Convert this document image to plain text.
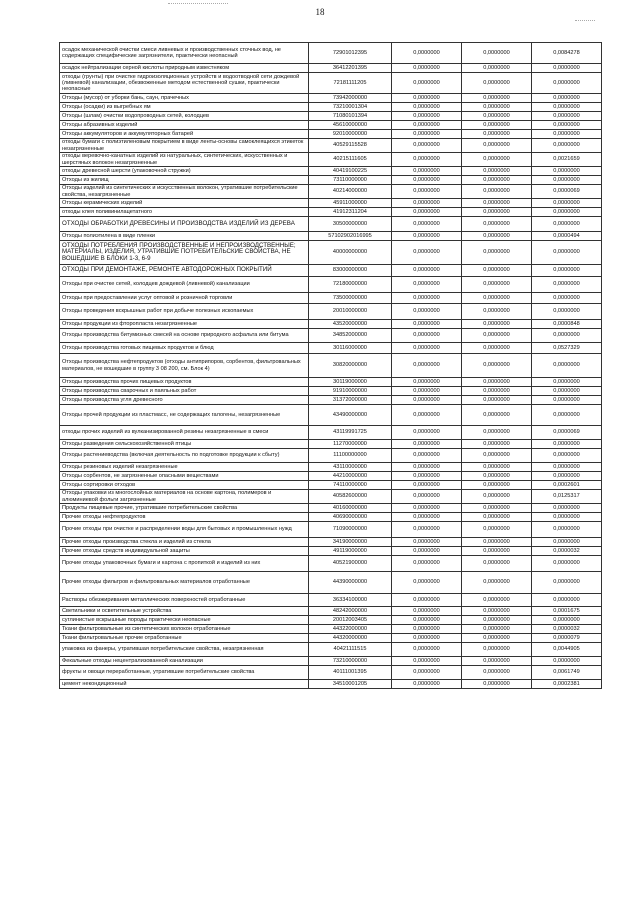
18
осадок механической очистки смеси ливневых и производственных сточных вод, не содержащих специфические загрязнители, практически неопасный	72901012395	0,0000000	0,0000000	0,0084278
осадок нейтрализации серной кислоты природным известняком	36412201395	0,0000000	0,0000000	0,0000000
отходы (грунты) при очистке гидроизоляционных устройств и водоотводной сети дождевой (ливневой) канализации, обезвоженные методом естественной сушки, практически неопасные	72181111205	0,0000000	0,0000000	0,0000000
Отходы (мусор) от уборки бань, саун, прачечных	73942000000	0,0000000	0,0000000	0,0000000
Отходы (осадки) из выгребных ям	73210001304	0,0000000	0,0000000	0,0000000
Отходы (шлам) очистки водопроводных сетей, колодцев	71080101394	0,0000000	0,0000000	0,0000000
Отходы абразивных изделий	45610000000	0,0000000	0,0000000	0,0000000
Отходы аккумуляторов и аккумуляторных батарей	92010000000	0,0000000	0,0000000	0,0000000
отходы бумаги с полиэтиленовым покрытием в виде ленты-основы самоклеящихся этикеток незагрязненные	40529115528	0,0000000	0,0000000	0,0000000
отходы веревочно-канатных изделий из натуральных, синтетических, искусственных и шерстяных волокон незагрязненные	40215111605	0,0000000	0,0000000	0,0021659
отходы древесной шерсти (упаковочной стружки)	40419100225	0,0000000	0,0000000	0,0000000
Отходы из жилищ	73110000000	0,0000000	0,0000000	0,0000000
Отходы изделий из синтетических и искусственных волокон, утратившие потребительские свойства, незагрязненные	40214000000	0,0000000	0,0000000	0,0000069
Отходы керамических изделий	45911000000	0,0000000	0,0000000	0,0000000
отходы клея поливинилацетатного	41912311204	0,0000000	0,0000000	0,0000000
ОТХОДЫ ОБРАБОТКИ ДРЕВЕСИНЫ И ПРОИЗВОДСТВА ИЗДЕЛИЙ ИЗ ДЕРЕВА	30500000000	0,0000000	0,0000000	0,0000000
Отходы полиэтилена в виде пленки	57102902016995	0,0000000	0,0000000	0,0000494
ОТХОДЫ ПОТРЕБЛЕНИЯ ПРОИЗВОДСТВЕННЫЕ И НЕПРОИЗВОДСТВЕННЫЕ; МАТЕРИАЛЫ, ИЗДЕЛИЯ, УТРАТИВШИЕ ПОТРЕБИТЕЛЬСКИЕ СВОЙСТВА, НЕ ВОШЕДШИЕ В БЛОКИ 1-3, 6-9	40000000000	0,0000000	0,0000000	0,0000000
ОТХОДЫ ПРИ ДЕМОНТАЖЕ, РЕМОНТЕ АВТОДОРОЖНЫХ ПОКРЫТИЙ	83000000000	0,0000000	0,0000000	0,0000000
Отходы при очистке сетей, колодцев дождевой (ливневой) канализации	72180000000	0,0000000	0,0000000	0,0000000
Отходы при предоставлении услуг оптовой и розничной торговли	73500000000	0,0000000	0,0000000	0,0000000
Отходы проведения вскрышных работ при добыче полезных ископаемых	20010000000	0,0000000	0,0000000	0,0000000
Отходы продукции из фторопласта незагрязненные	43520000000	0,0000000	0,0000000	0,0000848
Отходы производства битумизных смесей на основе природного асфальта или битума	34852000000	0,0000000	0,0000000	0,0000000
Отходы производства готовых пищевых продуктов и блюд	30116000000	0,0000000	0,0000000	0,0527329
Отходы производства нефтепродуктов (отходы антиприпоров, сорбентов, фильтровальных материалов, не вошедшие в группу 3 08 200, см. Блок 4)	30820000000	0,0000000	0,0000000	0,0000000
Отходы производства прочих пищевых продуктов	30119000000	0,0000000	0,0000000	0,0000000
Отходы производства сварочных и паяльных работ	91910000000	0,0000000	0,0000000	0,0000000
Отходы производства угля древесного	31372000000	0,0000000	0,0000000	0,0000000
Отходы прочей продукции из пластмасс, не содержащих галогены, незагрязненные	43490000000	0,0000000	0,0000000	0,0000000
отходы прочих изделий из вулканизированной резины незагрязненные в смеси	43119991725	0,0000000	0,0000000	0,0000069
Отходы разведения сельскохозяйственной птицы	11270000000	0,0000000	0,0000000	0,0000000
Отходы растениеводства (включая деятельность по подготовке продукции к сбыту)	11100000000	0,0000000	0,0000000	0,0000000
Отходы резиновых изделий незагрязненные	43110000000	0,0000000	0,0000000	0,0000000
Отходы сорбентов, не загрязненные опасными веществами	44210000000	0,0000000	0,0000000	0,0000000
Отходы сортировки отходов	74110000000	0,0000000	0,0000000	0,0002601
Отходы упаковки из многослойных материалов на основе картона, полимеров и алюминиевой фольги загрязненные	40582600000	0,0000000	0,0000000	0,0125317
Продукты пищевые прочие, утратившие потребительские свойства	40160000000	0,0000000	0,0000000	0,0000000
Прочие отходы нефтепродуктов	40690000000	0,0000000	0,0000000	0,0000000
Прочие отходы при очистке и распределении воды для бытовых и промышленных нужд	71090000000	0,0000000	0,0000000	0,0000000
Прочие отходы производства стекла и изделий из стекла	34190000000	0,0000000	0,0000000	0,0000000
Прочие отходы средств индивидуальной защиты	49119000000	0,0000000	0,0000000	0,0000032
Прочие отходы упаковочных бумаги и картона с пропиткой и изделий из них	40521900000	0,0000000	0,0000000	0,0000000
Прочие отходы фильтров и фильтровальных материалов отработанные	44390000000	0,0000000	0,0000000	0,0000000
Растворы обезжиривания металлических поверхностей отработанные	36334100000	0,0000000	0,0000000	0,0000000
Светильники и осветительные устройства	48242000000	0,0000000	0,0000000	0,0001675
суглинистые вскрышные породы практически неопасные	20012003405	0,0000000	0,0000000	0,0000000
Ткани фильтровальные из синтетических волокон отработанные	44322000000	0,0000000	0,0000000	0,0000032
Ткани фильтровальные прочие отработанные	44320000000	0,0000000	0,0000000	0,0000079
упаковка из фанеры, утратившая потребительские свойства, незагрязненная	40421111515	0,0000000	0,0000000	0,0044905
Фекальные отходы нецентрализованной канализации	73210000000	0,0000000	0,0000000	0,0000000
фрукты и овощи переработанные, утратившие потребительские свойства	40111001395	0,0000000	0,0000000	0,0061749
цемент некондиционный	34510001205	0,0000000	0,0000000	0,0002381
